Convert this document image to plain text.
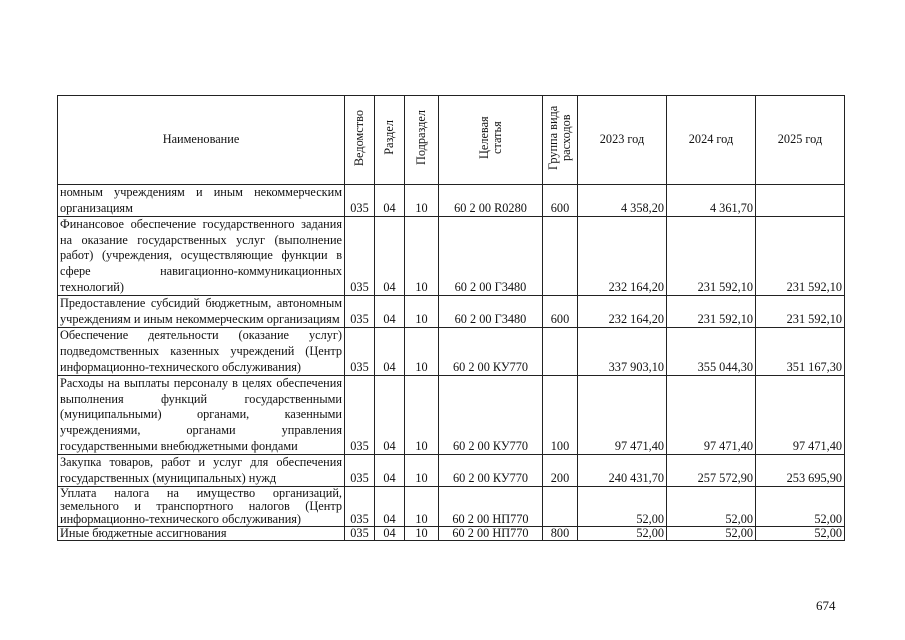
Наименование	Ведомство	Раздел	Подраздел	Целевая статья	Группа вида расходов	2023 год	2024 год	2025 год
номным учреждениям и иным некоммерческим организациям	035	04	10	60 2 00 R0280	600	4 358,20	4 361,70	
Финансовое обеспечение государственного задания на оказание государственных услуг (выполнение работ) (учреждения, осуществляющие функции в сфере навигационно-коммуникационных технологий)	035	04	10	60 2 00 Г3480		232 164,20	231 592,10	231 592,10
Предоставление субсидий бюджетным, автономным учреждениям и иным некоммерческим организациям	035	04	10	60 2 00 Г3480	600	232 164,20	231 592,10	231 592,10
Обеспечение деятельности (оказание услуг) подведомственных казенных учреждений (Центр информационно-технического обслуживания)	035	04	10	60 2 00 КУ770		337 903,10	355 044,30	351 167,30
Расходы на выплаты персоналу в целях обеспечения выполнения функций государственными (муниципальными) органами, казенными учреждениями, органами управления государственными внебюджетными фондами	035	04	10	60 2 00 КУ770	100	97 471,40	97 471,40	97 471,40
Закупка товаров, работ и услуг для обеспечения государственных (муниципальных) нужд	035	04	10	60 2 00 КУ770	200	240 431,70	257 572,90	253 695,90
Уплата налога на имущество организаций, земельного и транспортного налогов (Центр информационно-технического обслуживания)	035	04	10	60 2 00 НП770		52,00	52,00	52,00
Иные бюджетные ассигнования	035	04	10	60 2 00 НП770	800	52,00	52,00	52,00
674
